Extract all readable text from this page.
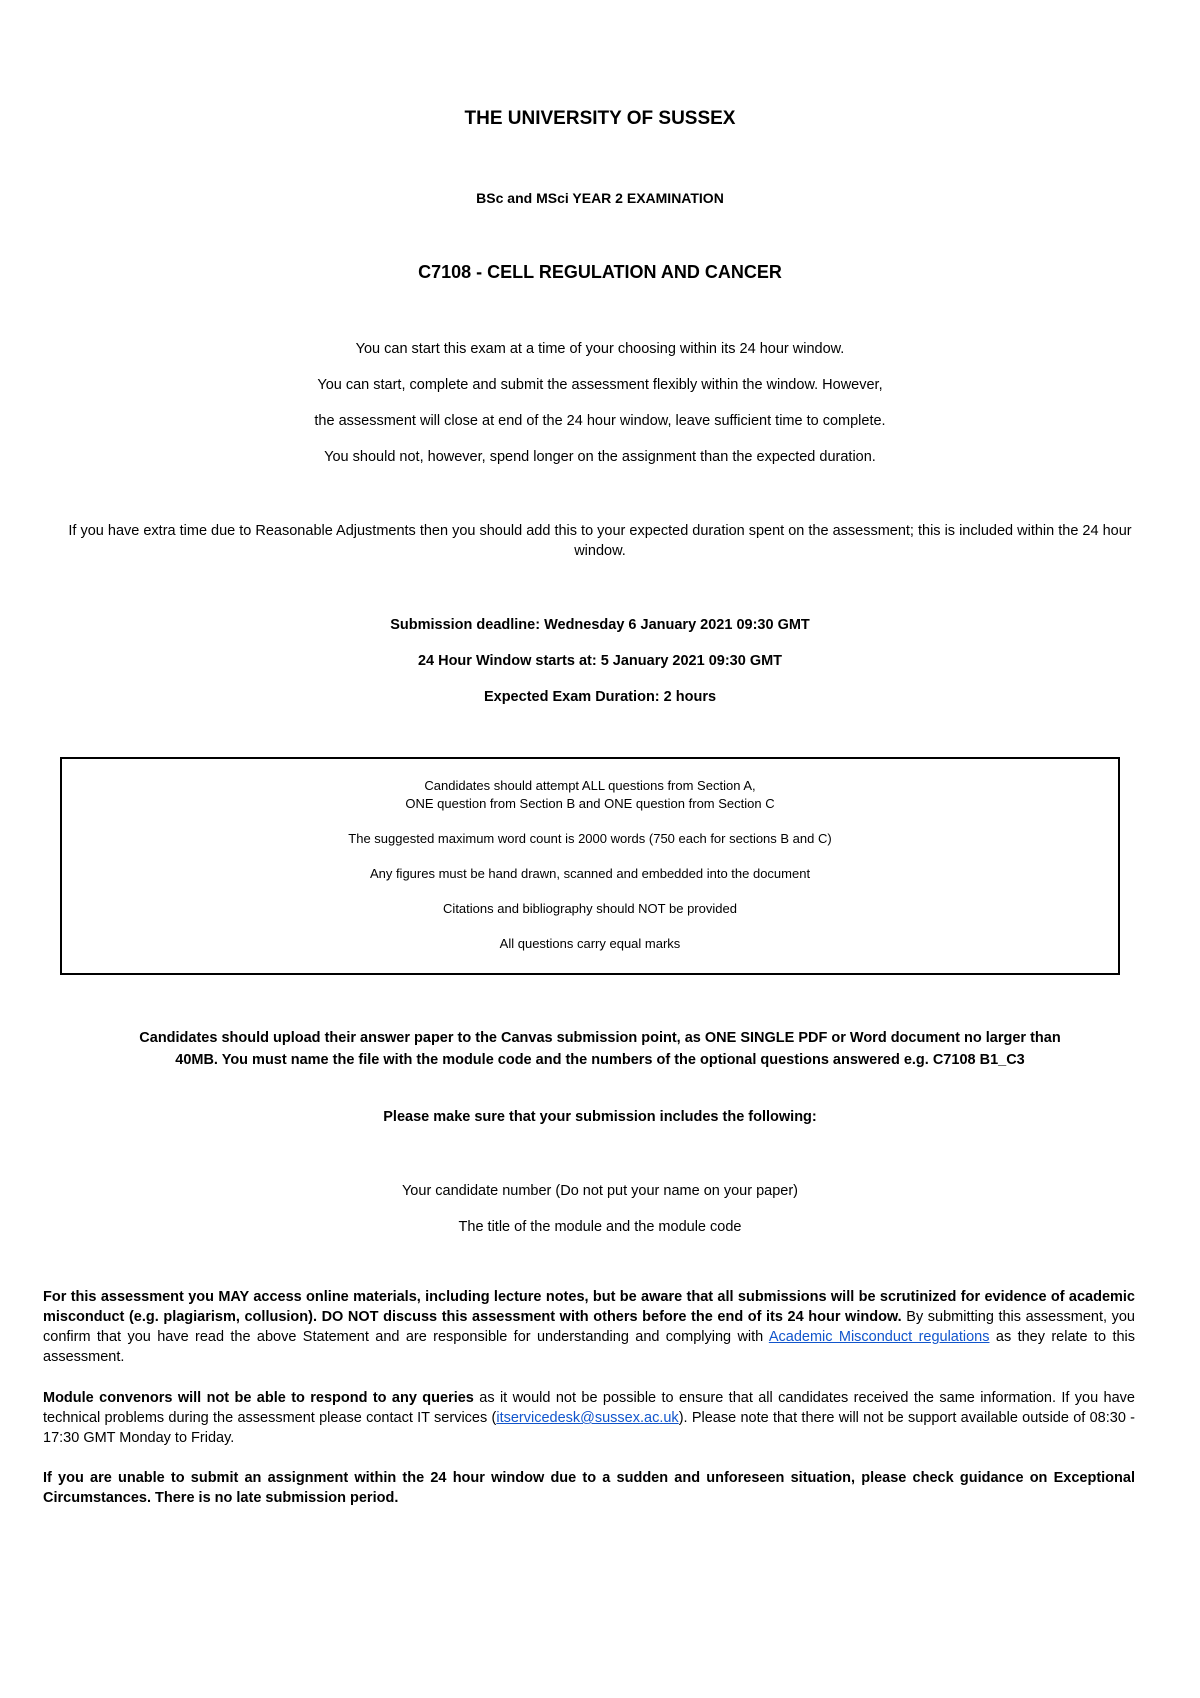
THE UNIVERSITY OF SUSSEX

BSc and MSci YEAR 2 EXAMINATION

C7108 - CELL REGULATION AND CANCER

You can start this exam at a time of your choosing within its 24 hour window.

You can start, complete and submit the assessment flexibly within the window. However,

the assessment will close at end of the 24 hour window, leave sufficient time to complete.

You should not, however, spend longer on the assignment than the expected duration.

If you have extra time due to Reasonable Adjustments then you should add this to your expected duration spent on the assessment; this is included within the 24 hour window.

Submission deadline: Wednesday 6 January 2021 09:30 GMT

24 Hour Window starts at: 5 January 2021 09:30 GMT

Expected Exam Duration: 2 hours

Candidates should attempt ALL questions from Section A,
ONE question from Section B and ONE question from Section C

The suggested maximum word count is 2000 words (750 each for sections B and C)

Any figures must be hand drawn, scanned and embedded into the document

Citations and bibliography should NOT be provided

All questions carry equal marks

Candidates should upload their answer paper to the Canvas submission point, as ONE SINGLE PDF or Word document no larger than
40MB. You must name the file with the module code and the numbers of the optional questions answered e.g. C7108 B1_C3

Please make sure that your submission includes the following:

Your candidate number (Do not put your name on your paper)

The title of the module and the module code

For this assessment you MAY access online materials, including lecture notes, but be aware that all submissions will be scrutinized for evidence of academic misconduct (e.g. plagiarism, collusion). DO NOT discuss this assessment with others before the end of its 24 hour window. By submitting this assessment, you confirm that you have read the above Statement and are responsible for understanding and complying with Academic Misconduct regulations as they relate to this assessment.

Module convenors will not be able to respond to any queries as it would not be possible to ensure that all candidates received the same information. If you have technical problems during the assessment please contact IT services (itservicedesk@sussex.ac.uk). Please note that there will not be support available outside of 08:30 - 17:30 GMT Monday to Friday.

If you are unable to submit an assignment within the 24 hour window due to a sudden and unforeseen situation, please check guidance on Exceptional Circumstances. There is no late submission period.
